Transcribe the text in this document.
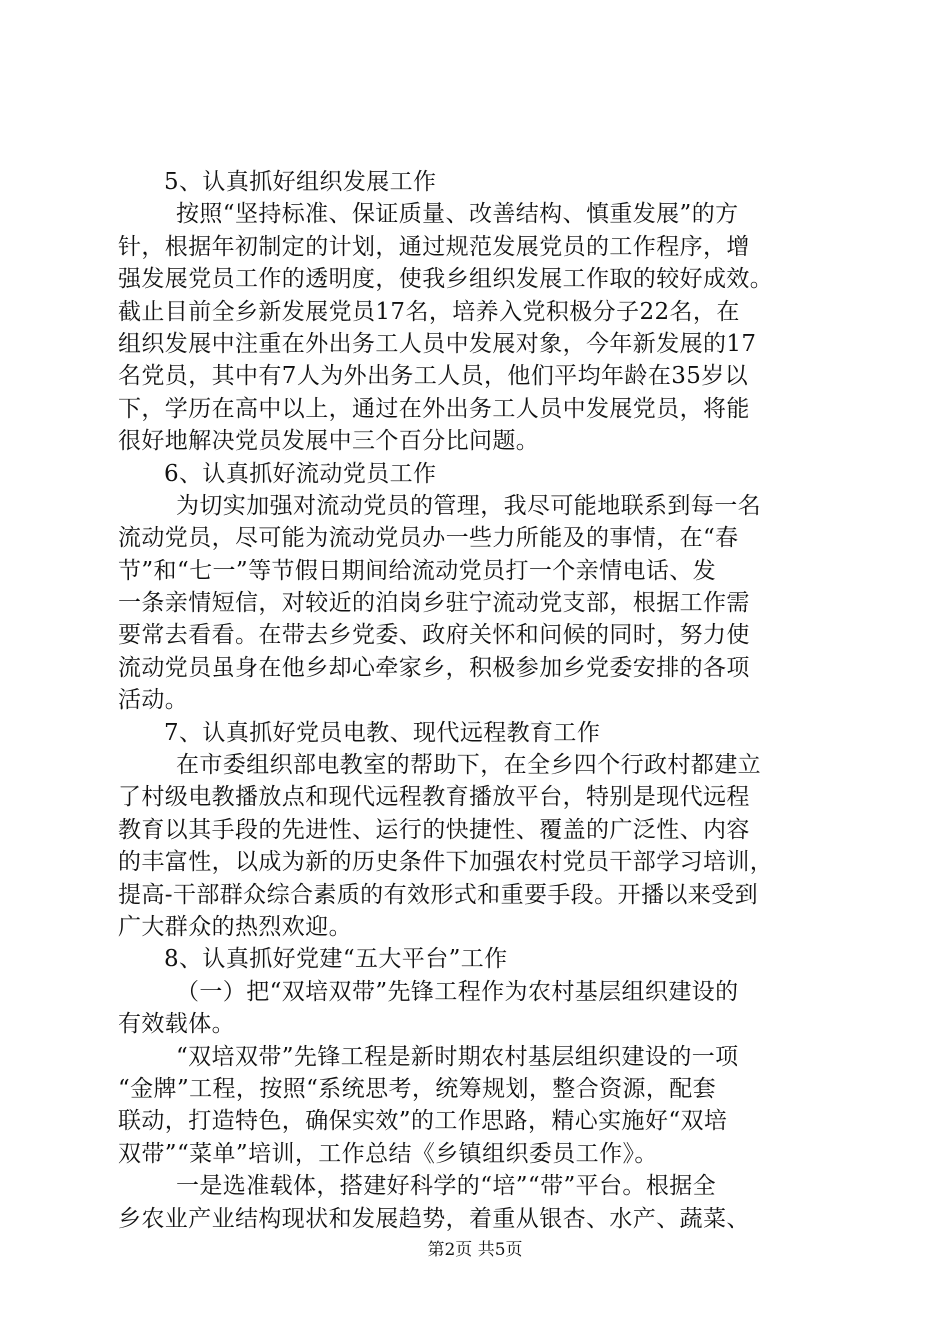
5、认真抓好组织发展工作
按照“坚持标准、保证质量、改善结构、慎重发展”的方
针，根据年初制定的计划，通过规范发展党员的工作程序，增
强发展党员工作的透明度，使我乡组织发展工作取的较好成效。
截止目前全乡新发展党员17名，培养入党积极分子22名，在
组织发展中注重在外出务工人员中发展对象，今年新发展的17
名党员，其中有7人为外出务工人员，他们平均年龄在35岁以
下，学历在高中以上，通过在外出务工人员中发展党员，将能
很好地解决党员发展中三个百分比问题。
6、认真抓好流动党员工作
为切实加强对流动党员的管理，我尽可能地联系到每一名
流动党员，尽可能为流动党员办一些力所能及的事情，在“春
节”和“七一”等节假日期间给流动党员打一个亲情电话、发
一条亲情短信，对较近的泊岗乡驻宁流动党支部，根据工作需
要常去看看。在带去乡党委、政府关怀和问候的同时，努力使
流动党员虽身在他乡却心牵家乡，积极参加乡党委安排的各项
活动。
7、认真抓好党员电教、现代远程教育工作
在市委组织部电教室的帮助下，在全乡四个行政村都建立
了村级电教播放点和现代远程教育播放平台，特别是现代远程
教育以其手段的先进性、运行的快捷性、覆盖的广泛性、内容
的丰富性，以成为新的历史条件下加强农村党员干部学习培训，
提高-干部群众综合素质的有效形式和重要手段。开播以来受到
广大群众的热烈欢迎。
8、认真抓好党建“五大平台”工作
（一）把“双培双带”先锋工程作为农村基层组织建设的
有效载体。
“双培双带”先锋工程是新时期农村基层组织建设的一项
“金牌”工程，按照“系统思考，统筹规划，整合资源，配套
联动，打造特色，确保实效”的工作思路，精心实施好“双培
双带”“菜单”培训，工作总结《乡镇组织委员工作》。
一是选准载体，搭建好科学的“培”“带”平台。根据全
乡农业产业结构现状和发展趋势，着重从银杏、水产、蔬菜、
第2页 共5页
